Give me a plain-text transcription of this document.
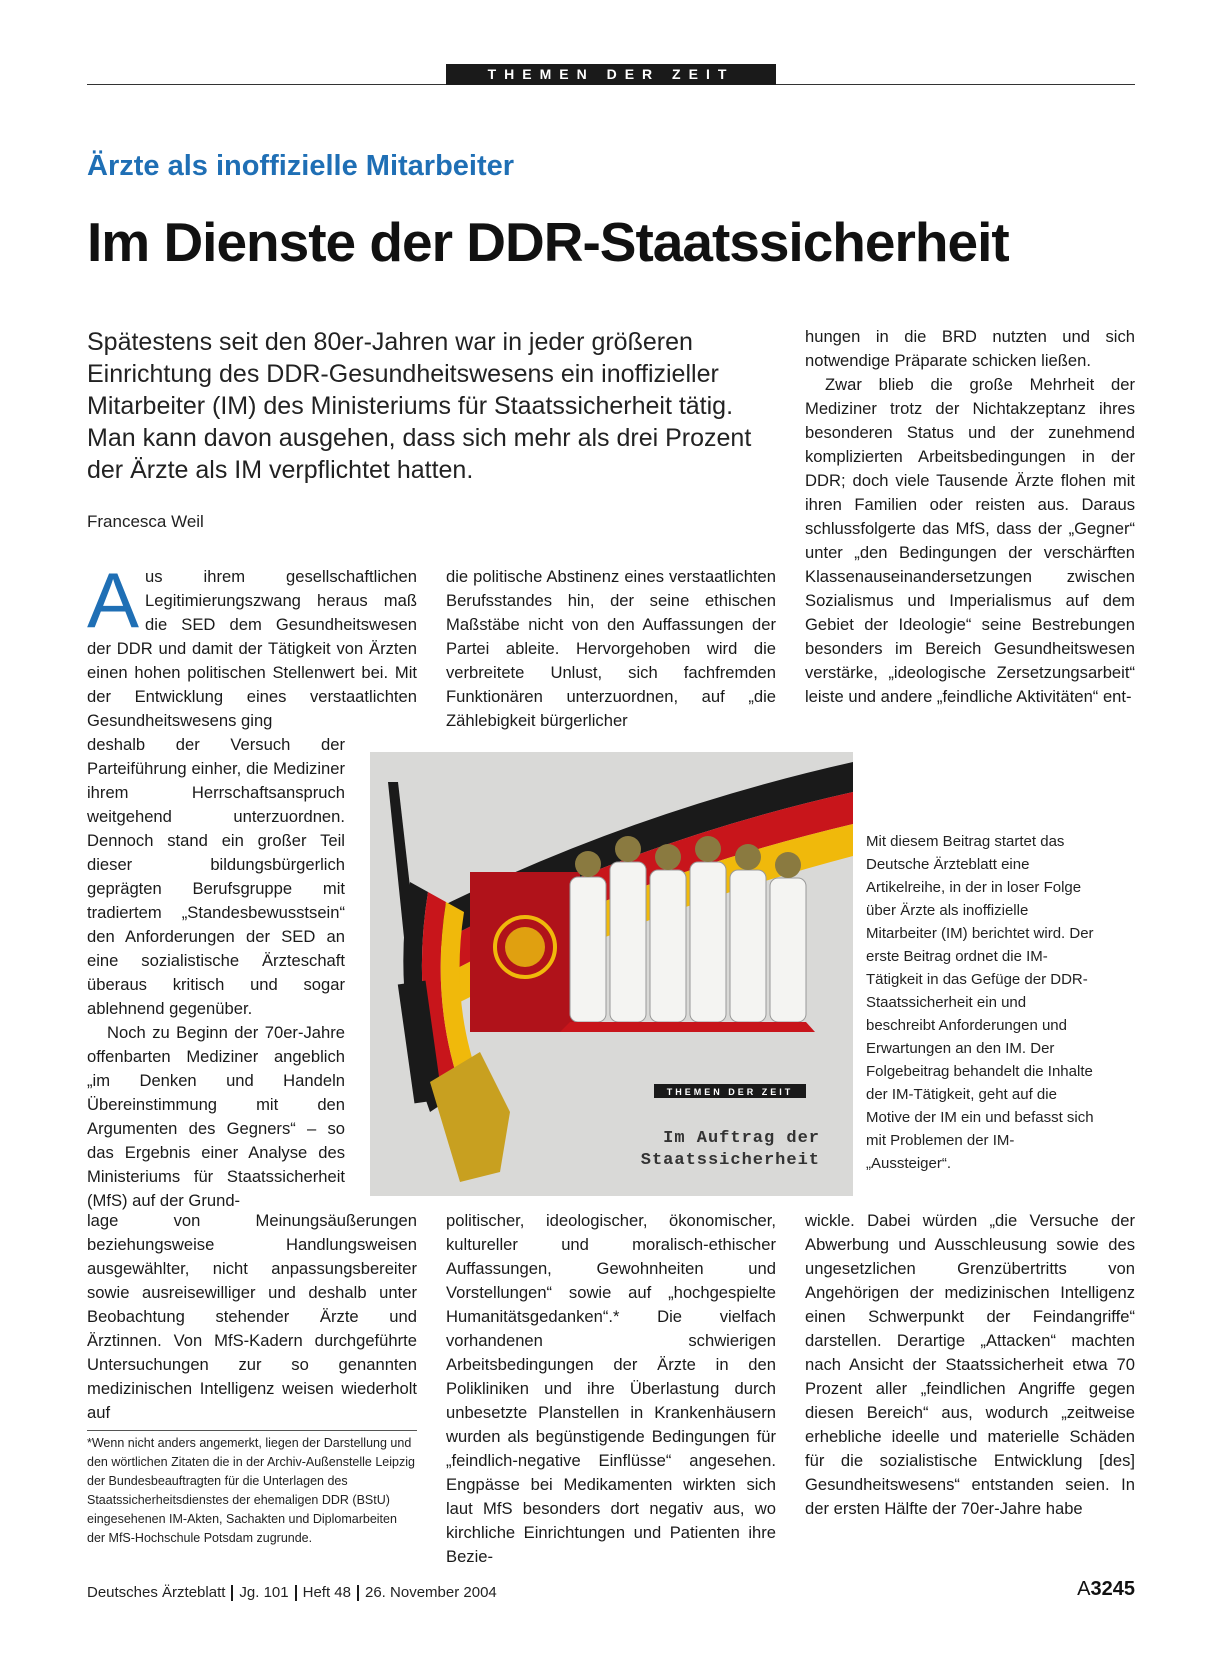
THEMEN DER ZEIT
Ärzte als inoffizielle Mitarbeiter
Im Dienste der DDR-Staatssicherheit
Spätestens seit den 80er-Jahren war in jeder größeren Einrichtung des DDR-Gesundheitswesens ein inoffizieller Mitarbeiter (IM) des Ministeriums für Staatssicherheit tätig. Man kann davon ausgehen, dass sich mehr als drei Prozent der Ärzte als IM verpflichtet hatten.
Francesca Weil
A us ihrem gesellschaftlichen Legitimierungszwang heraus maß die SED dem Gesundheitswesen der DDR und damit der Tätigkeit von Ärzten einen hohen politischen Stellenwert bei. Mit der Entwicklung eines verstaatlichten Gesundheitswesens ging

deshalb der Versuch der Parteiführung einher, die Mediziner ihrem Herrschaftsanspruch weitgehend unterzuordnen. Dennoch stand ein großer Teil dieser bildungsbürgerlich geprägten Berufsgruppe mit tradiertem „Standesbewusstsein“ den Anforderungen der SED an eine sozialistische Ärzteschaft überaus kritisch und sogar ablehnend gegenüber.

Noch zu Beginn der 70er-Jahre offenbarten Mediziner angeblich „im Denken und Handeln Übereinstimmung mit den Argumenten des Gegners“ – so das Ergebnis einer Analyse des Ministeriums für Staatssicherheit (MfS) auf der Grund-

lage von Meinungsäußerungen beziehungsweise Handlungsweisen ausgewählter, nicht anpassungsbereiter sowie ausreisewilliger und deshalb unter Beobachtung stehender Ärzte und Ärztinnen. Von MfS-Kadern durchgeführte Untersuchungen zur so genannten medizinischen Intelligenz weisen wiederholt auf

*Wenn nicht anders angemerkt, liegen der Darstellung und den wörtlichen Zitaten die in der Archiv-Außenstelle Leipzig der Bundesbeauftragten für die Unterlagen des Staatssicherheitsdienstes der ehemaligen DDR (BStU) eingesehenen IM-Akten, Sachakten und Diplomarbeiten der MfS-Hochschule Potsdam zugrunde.

die politische Abstinenz eines verstaatlichten Berufsstandes hin, der seine ethischen Maßstäbe nicht von den Auffassungen der Partei ableite. Hervorgehoben wird die verbreitete Unlust, sich fachfremden Funktionären unterzuordnen, auf „die Zählebigkeit bürgerlicher

politischer, ideologischer, ökonomischer, kultureller und moralisch-ethischer Auffassungen, Gewohnheiten und Vorstellungen“ sowie auf „hochgespielte Humanitätsgedanken“.* Die vielfach vorhandenen schwierigen Arbeitsbedingungen der Ärzte in den Polikliniken und ihre Überlastung durch unbesetzte Planstellen in Krankenhäusern wurden als begünstigende Bedingungen für „feindlich-negative Einflüsse“ angesehen. Engpässe bei Medikamenten wirkten sich laut MfS besonders dort negativ aus, wo kirchliche Einrichtungen und Patienten ihre Bezie-

hungen in die BRD nutzten und sich notwendige Präparate schicken ließen.

Zwar blieb die große Mehrheit der Mediziner trotz der Nichtakzeptanz ihres besonderen Status und der zunehmend komplizierten Arbeitsbedingungen in der DDR; doch viele Tausende Ärzte flohen mit ihren Familien oder reisten aus. Daraus schlussfolgerte das MfS, dass der „Gegner“ unter „den Bedingungen der verschärften Klassenauseinandersetzungen zwischen Sozialismus und Imperialismus auf dem Gebiet der Ideologie“ seine Bestrebungen besonders im Bereich Gesundheitswesen verstärke, „ideologische Zersetzungsarbeit“ leiste und andere „feindliche Aktivitäten“ ent-

wickle. Dabei würden „die Versuche der Abwerbung und Ausschleusung sowie des ungesetzlichen Grenzübertritts von Angehörigen der medizinischen Intelligenz einen Schwerpunkt der Feindangriffe“ darstellen. Derartige „Attacken“ machten nach Ansicht der Staatssicherheit etwa 70 Prozent aller „feindlichen Angriffe gegen diesen Bereich“ aus, wodurch „zeitweise erhebliche ideelle und materielle Schäden für die sozialistische Entwicklung [des] Gesundheitswesens“ entstanden seien. In der ersten Hälfte der 70er-Jahre habe

THEMEN DER ZEIT
Im Auftrag der
Staatssicherheit
Mit diesem Beitrag startet das Deutsche Ärzteblatt eine Artikelreihe, in der in loser Folge über Ärzte als inoffizielle Mitarbeiter (IM) berichtet wird. Der erste Beitrag ordnet die IM-Tätigkeit in das Gefüge der DDR-Staatssicherheit ein und beschreibt Anforderungen und Erwartungen an den IM. Der Folgebeitrag behandelt die Inhalte der IM-Tätigkeit, geht auf die Motive der IM ein und befasst sich mit Problemen der IM-„Aussteiger“.
Deutsches Ärzteblatt Jg. 101 Heft 48 26. November 2004	A3245
